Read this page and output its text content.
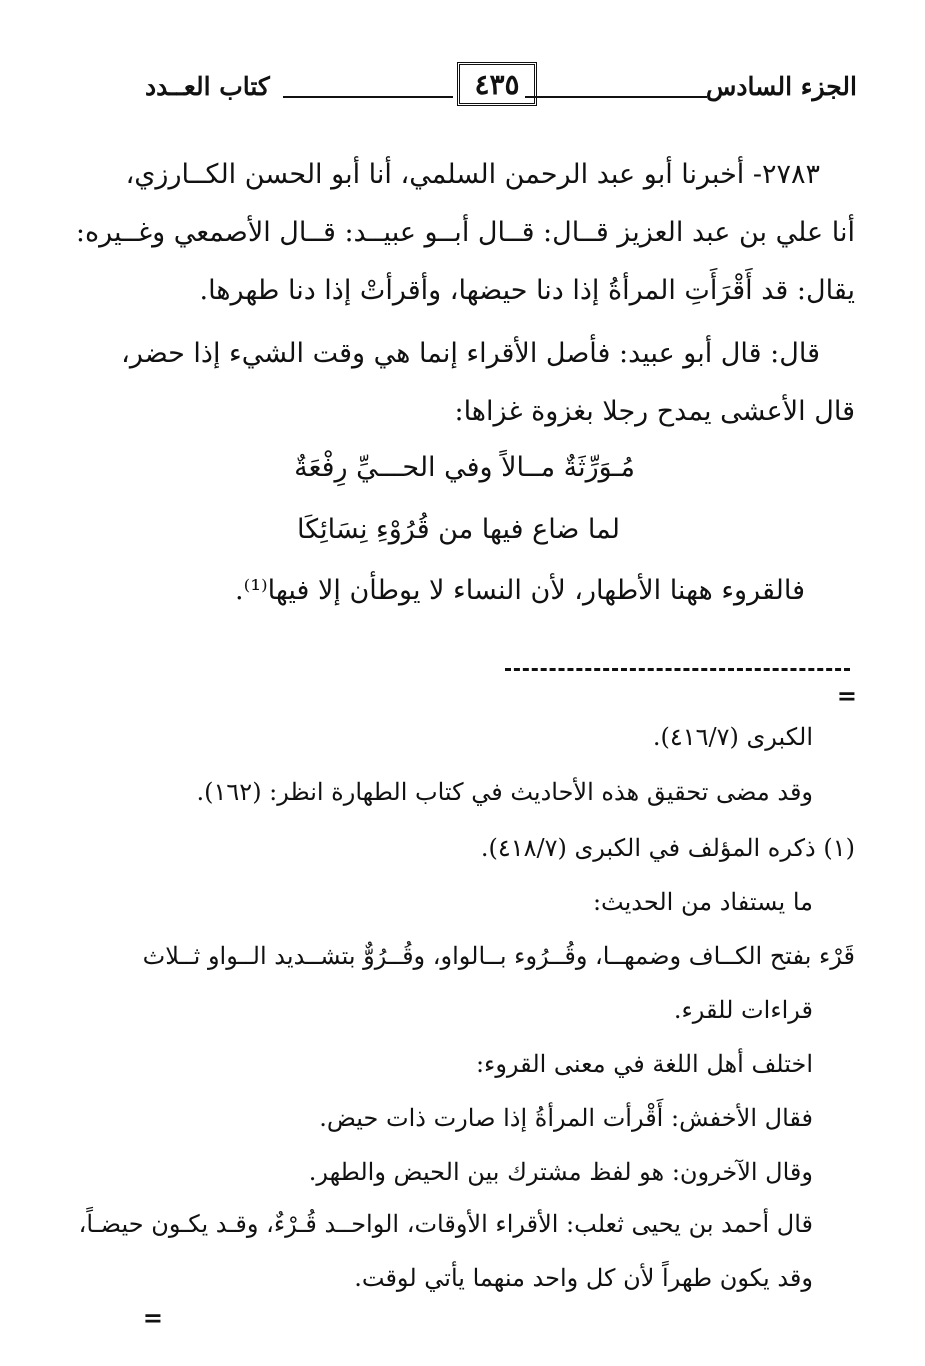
الجزء السادس
٤٣٥
كتاب العــدد
٢٧٨٣- أخبرنا أبو عبد الرحمن السلمي، أنا أبو الحسن الكــارزي،
أنا علي بن عبد العزيز قــال: قــال أبــو عبيــد: قــال الأصمعي وغــيره:
يقال: قد أَقْرَأَتِ المرأةُ إذا دنا حيضها، وأقرأتْ إذا دنا طهرها.
قال: قال أبو عبيد: فأصل الأقراء إنما هي وقت الشيء إذا حضر،
قال الأعشى يمدح رجلا بغزوة غزاها:
مُـوَرِّثَةٌ مــالاً وفي الحـــيِّ رِفْعَةٌ
لما ضاع فيها من قُرُوْءِ نِسَائِكَا
فالقروء ههنا الأطهار، لأن النساء لا يوطأن إلا فيها⁽¹⁾.
=
الكبرى (٤١٦/٧).
وقد مضى تحقيق هذه الأحاديث في كتاب الطهارة انظر: (١٦٢).
(١) ذكره المؤلف في الكبرى (٤١٨/٧).
ما يستفاد من الحديث:
قَرْء بفتح الكــاف وضمهــا، وقُــرُوء بــالواو، وقُــرُوٌّ بتشــديد الــواو ثــلاث
قراءات للقرء.
اختلف أهل اللغة في معنى القروء:
فقال الأخفش: أَقْرأت المرأةُ إذا صارت ذات حيض.
وقال الآخرون: هو لفظ مشترك بين الحيض والطهر.
قال أحمد بن يحيى ثعلب: الأقراء الأوقات، الواحــد قُـرْءٌ، وقـد يكـون حيضـاً،
وقد يكون طهراً لأن كل واحد منهما يأتي لوقت.
=
